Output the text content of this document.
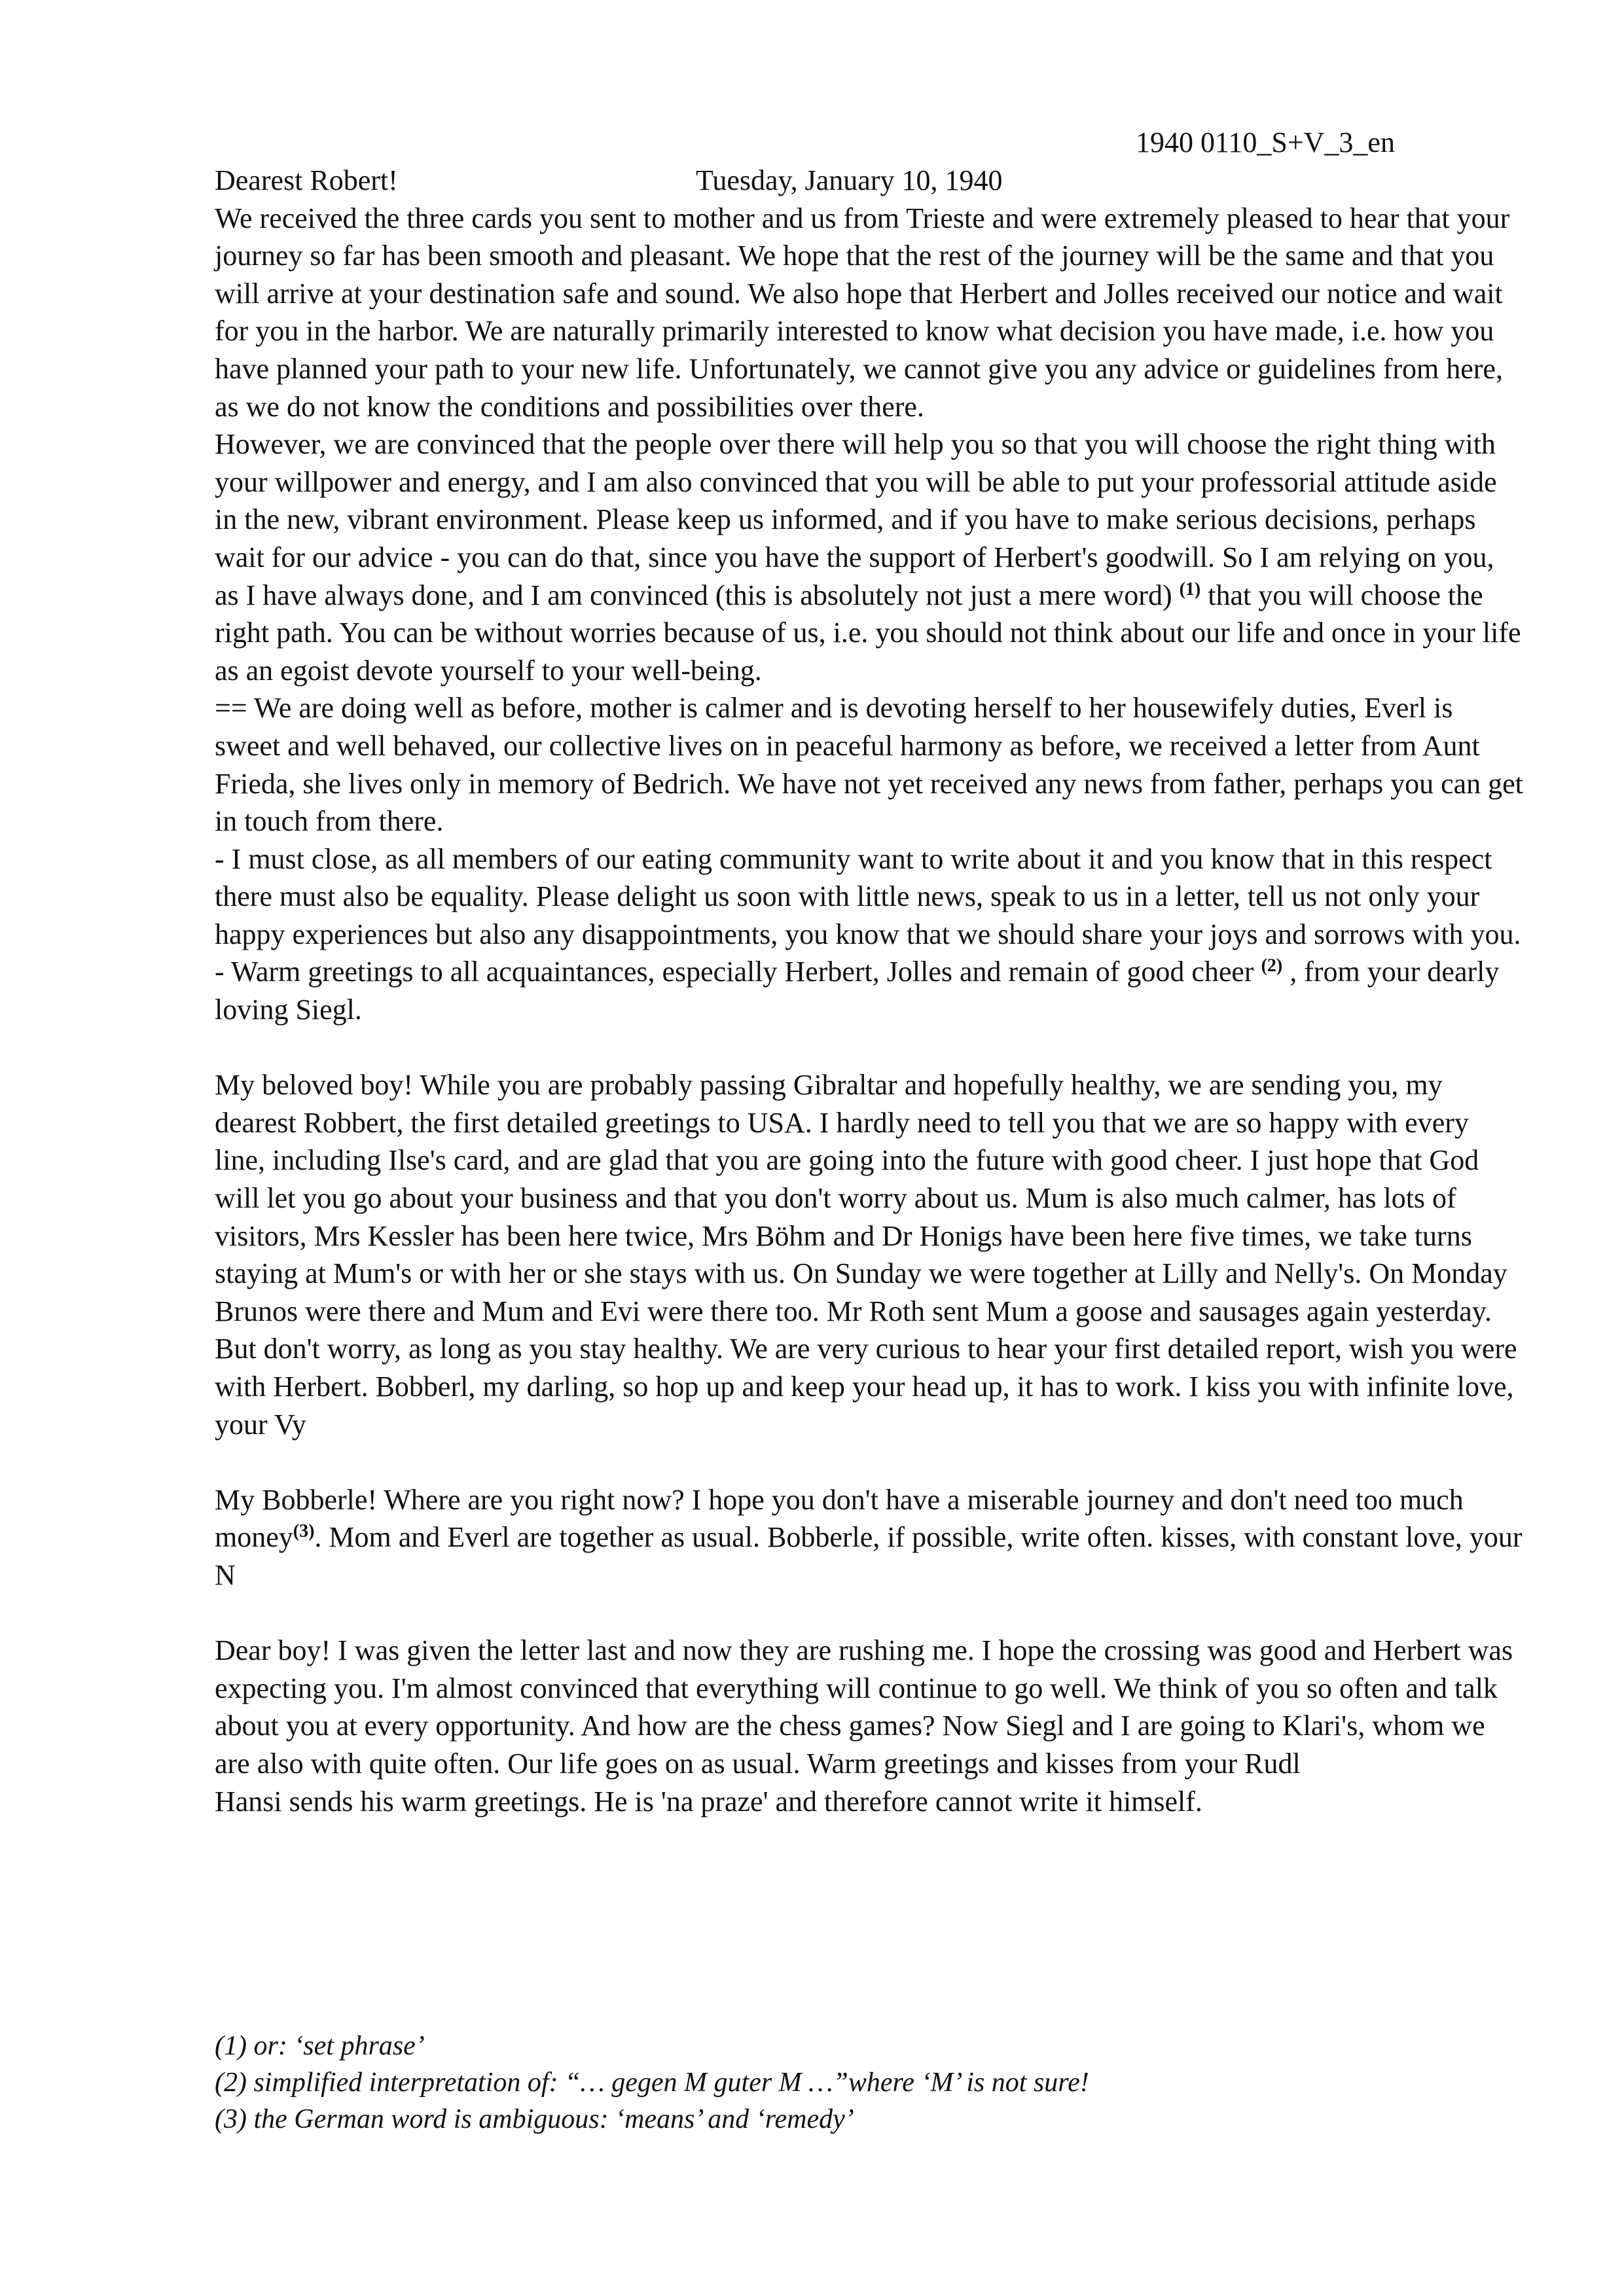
1940 0110_S+V_3_en
Dearest Robert!	Tuesday, January 10, 1940

We received the three cards you sent to mother and us from Trieste and were extremely pleased to hear that your journey so far has been smooth and pleasant. We hope that the rest of the journey will be the same and that you will arrive at your destination safe and sound. We also hope that Herbert and Jolles received our notice and wait for you in the harbor. We are naturally primarily interested to know what decision you have made, i.e. how you have planned your path to your new life. Unfortunately, we cannot give you any advice or guidelines from here, as we do not know the conditions and possibilities over there.

However, we are convinced that the people over there will help you so that you will choose the right thing with your willpower and energy, and I am also convinced that you will be able to put your professorial attitude aside in the new, vibrant environment. Please keep us informed, and if you have to make serious decisions, perhaps wait for our advice - you can do that, since you have the support of Herbert's goodwill. So I am relying on you, as I have always done, and I am convinced (this is absolutely not just a mere word) $^{(1)}$ that you will choose the right path. You can be without worries because of us, i.e. you should not think about our life and once in your life as an egoist devote yourself to your well-being.

== We are doing well as before, mother is calmer and is devoting herself to her housewifely duties, Everl is sweet and well behaved, our collective lives on in peaceful harmony as before, we received a letter from Aunt Frieda, she lives only in memory of Bedrich. We have not yet received any news from father, perhaps you can get in touch from there.

- I must close, as all members of our eating community want to write about it and you know that in this respect there must also be equality. Please delight us soon with little news, speak to us in a letter, tell us not only your happy experiences but also any disappointments, you know that we should share your joys and sorrows with you.

- Warm greetings to all acquaintances, especially Herbert, Jolles and remain of good cheer $^{(2)}$ , from your dearly loving Siegl.

My beloved boy! While you are probably passing Gibraltar and hopefully healthy, we are sending you, my dearest Robbert, the first detailed greetings to USA. I hardly need to tell you that we are so happy with every line, including Ilse's card, and are glad that you are going into the future with good cheer. I just hope that God will let you go about your business and that you don't worry about us. Mum is also much calmer, has lots of visitors, Mrs Kessler has been here twice, Mrs Böhm and Dr Honigs have been here five times, we take turns staying at Mum's or with her or she stays with us. On Sunday we were together at Lilly and Nelly's. On Monday Brunos were there and Mum and Evi were there too. Mr Roth sent Mum a goose and sausages again yesterday. But don't worry, as long as you stay healthy. We are very curious to hear your first detailed report, wish you were with Herbert. Bobberl, my darling, so hop up and keep your head up, it has to work. I kiss you with infinite love, your Vy

My Bobberle! Where are you right now? I hope you don't have a miserable journey and don't need too much money$^{(3)}$. Mom and Everl are together as usual. Bobberle, if possible, write often. kisses, with constant love, your N

Dear boy! I was given the letter last and now they are rushing me. I hope the crossing was good and Herbert was expecting you. I'm almost convinced that everything will continue to go well. We think of you so often and talk about you at every opportunity. And how are the chess games? Now Siegl and I are going to Klari's, whom we are also with quite often. Our life goes on as usual. Warm greetings and kisses from your Rudl

Hansi sends his warm greetings. He is 'na praze' and therefore cannot write it himself.

(1) or: ‘set phrase’

(2) simplified interpretation of: “… gegen M guter M …”where ‘M’ is not sure!

(3) the German word is ambiguous: ‘means’ and ‘remedy’
